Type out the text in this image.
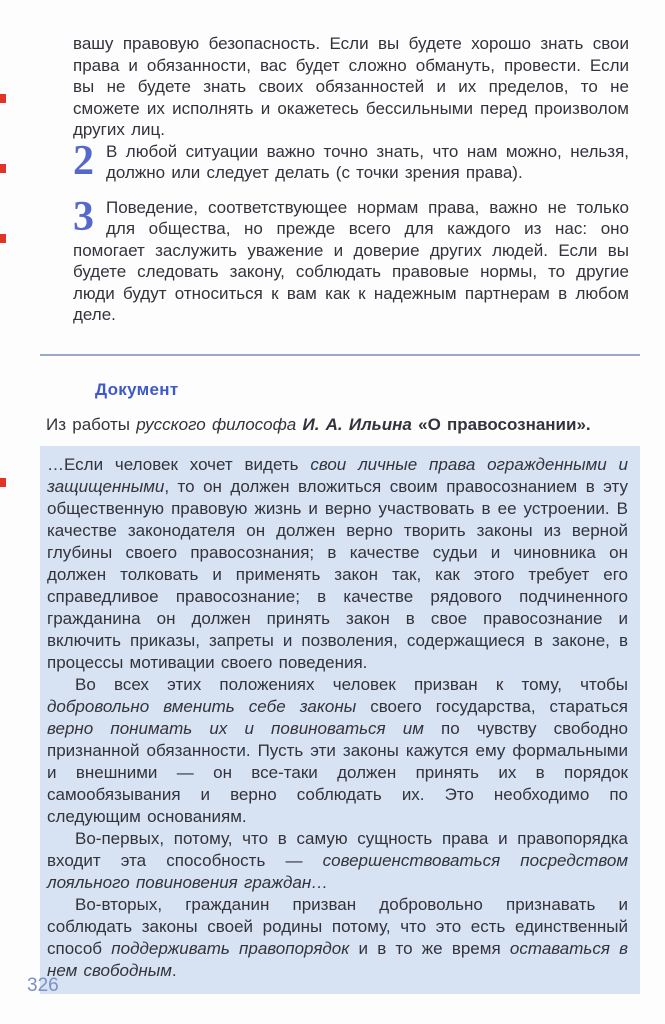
вашу правовую безопасность. Если вы будете хорошо знать свои права и обязанности, вас будет сложно обмануть, провести. Если вы не будете знать своих обязанностей и их пределов, то не сможете их исполнять и окажетесь бессильными перед произволом других лиц.

2 В любой ситуации важно точно знать, что нам можно, нельзя, должно или следует делать (с точки зрения права).

3 Поведение, соответствующее нормам права, важно не только для общества, но прежде всего для каждого из нас: оно помогает заслужить уважение и доверие других людей. Если вы будете следовать закону, соблюдать правовые нормы, то другие люди будут относиться к вам как к надежным партнерам в любом деле.

Документ

Из работы русского философа И. А. Ильина «О правосознании».

…Если человек хочет видеть свои личные права огражденными и защищенными, то он должен вложиться своим правосознанием в эту общественную правовую жизнь и верно участвовать в ее устроении. В качестве законодателя он должен верно творить законы из верной глубины своего правосознания; в качестве судьи и чиновника он должен толковать и применять закон так, как этого требует его справедливое правосознание; в качестве рядового подчиненного гражданина он должен принять закон в свое правосознание и включить приказы, запреты и позволения, содержащиеся в законе, в процессы мотивации своего поведения.

Во всех этих положениях человек призван к тому, чтобы добровольно вменить себе законы своего государства, стараться верно понимать их и повиноваться им по чувству свободно признанной обязанности. Пусть эти законы кажутся ему формальными и внешними — он все-таки должен принять их в порядок самообязывания и верно соблюдать их. Это необходимо по следующим основаниям.

Во-первых, потому, что в самую сущность права и правопорядка входит эта способность — совершенствоваться посредством лояльного повиновения граждан…

Во-вторых, гражданин призван добровольно признавать и соблюдать законы своей родины потому, что это есть единственный способ поддерживать правопорядок и в то же время оставаться в нем свободным.

326
